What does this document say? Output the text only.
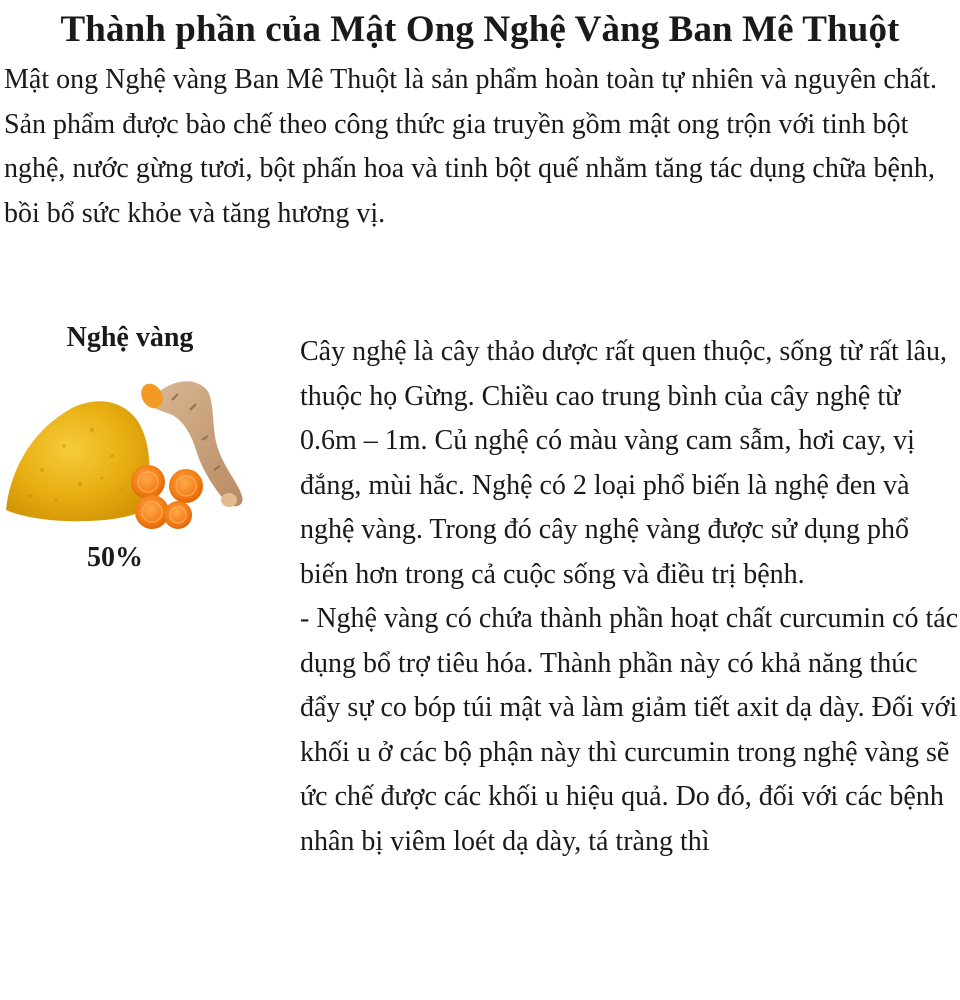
Thành phần của Mật Ong Nghệ Vàng Ban Mê Thuột

Mật ong Nghệ vàng Ban Mê Thuột là sản phẩm hoàn toàn tự nhiên và nguyên chất. Sản phẩm được bào chế theo công thức gia truyền gồm mật ong trộn với tinh bột nghệ, nước gừng tươi, bột phấn hoa và tinh bột quế nhằm tăng tác dụng chữa bệnh, bồi bổ sức khỏe và tăng hương vị.

Nghệ vàng
50%

Cây nghệ là cây thảo dược rất quen thuộc, sống từ rất lâu, thuộc họ Gừng. Chiều cao trung bình của cây nghệ từ 0.6m – 1m. Củ nghệ có màu vàng cam sẫm, hơi cay, vị đắng, mùi hắc. Nghệ có 2 loại phổ biến là nghệ đen và nghệ vàng. Trong đó cây nghệ vàng được sử dụng phổ biến hơn trong cả cuộc sống và điều trị bệnh.

- Nghệ vàng có chứa thành phần hoạt chất curcumin có tác dụng bổ trợ tiêu hóa. Thành phần này có khả năng thúc đẩy sự co bóp túi mật và làm giảm tiết axit dạ dày. Đối với khối u ở các bộ phận này thì curcumin trong nghệ vàng sẽ ức chế được các khối u hiệu quả. Do đó, đối với các bệnh nhân bị viêm loét dạ dày, tá tràng thì
